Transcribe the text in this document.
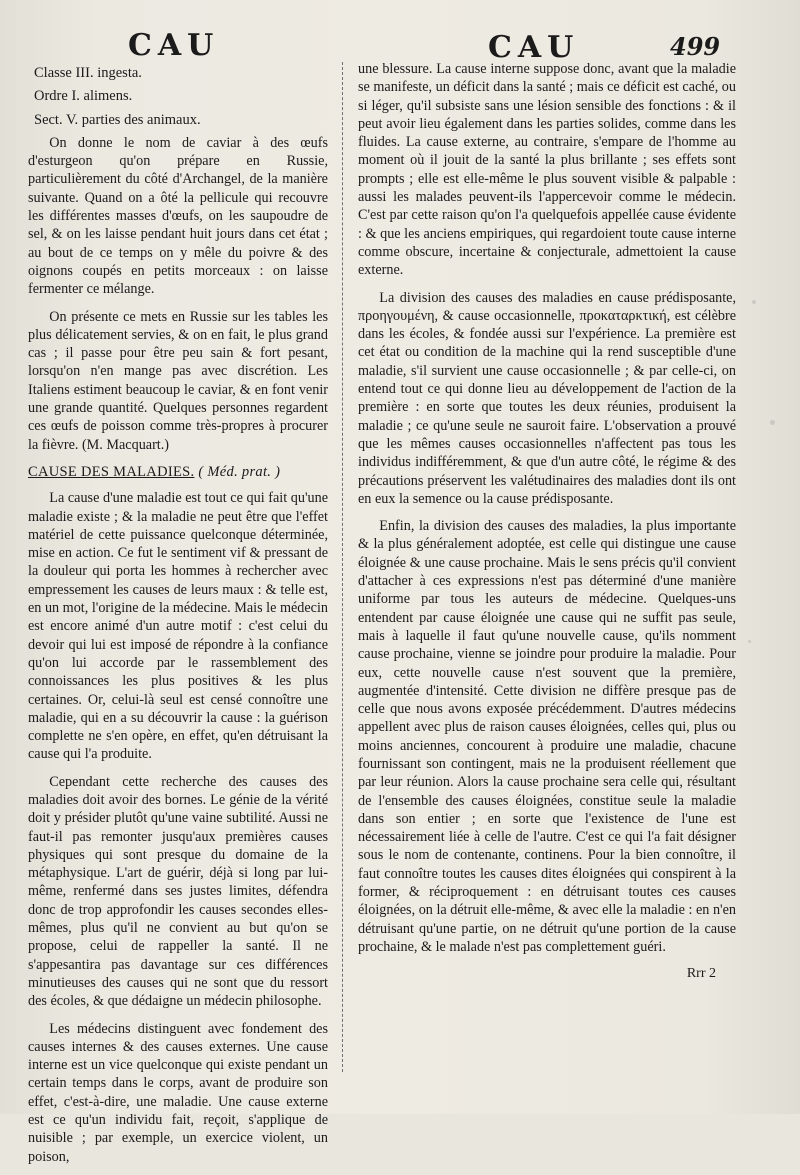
CAU	CAU	499
Classe III. ingesta.
Ordre I. alimens.
Sect. V. parties des animaux.

On donne le nom de caviar à des œufs d'esturgeon qu'on prépare en Russie, particulièrement du côté d'Archangel, de la manière suivante. Quand on a ôté la pellicule qui recouvre les différentes masses d'œufs, on les saupoudre de sel, & on les laisse pendant huit jours dans cet état ; au bout de ce temps on y mêle du poivre & des oignons coupés en petits morceaux : on laisse fermenter ce mélange.

On présente ce mets en Russie sur les tables les plus délicatement servies, & on en fait, le plus grand cas ; il passe pour être peu sain & fort pesant, lorsqu'on n'en mange pas avec discrétion. Les Italiens estiment beaucoup le caviar, & en font venir une grande quantité. Quelques personnes regardent ces œufs de poisson comme très-propres à procurer la fièvre. (M. Macquart.)

CAUSE DES MALADIES. ( Méd. prat. )

La cause d'une maladie est tout ce qui fait qu'une maladie existe ; & la maladie ne peut être que l'effet matériel de cette puissance quelconque déterminée, mise en action. Ce fut le sentiment vif & pressant de la douleur qui porta les hommes à rechercher avec empressement les causes de leurs maux : & telle est, en un mot, l'origine de la médecine. Mais le médecin est encore animé d'un autre motif : c'est celui du devoir qui lui est imposé de répondre à la confiance qu'on lui accorde par le rassemblement des connoissances les plus positives & les plus certaines. Or, celui-là seul est censé connoître une maladie, qui en a su découvrir la cause : la guérison complette ne s'en opère, en effet, qu'en détruisant la cause qui l'a produite.

Cependant cette recherche des causes des maladies doit avoir des bornes. Le génie de la vérité doit y présider plutôt qu'une vaine subtilité. Aussi ne faut-il pas remonter jusqu'aux premières causes physiques qui sont presque du domaine de la métaphysique. L'art de guérir, déjà si long par lui-même, renfermé dans ses justes limites, défendra donc de trop approfondir les causes secondes elles-mêmes, plus qu'il ne convient au but qu'on se propose, celui de rappeller la santé. Il ne s'appesantira pas davantage sur ces différences minutieuses des causes qui ne sont que du ressort des écoles, & que dédaigne un médecin philosophe.

Les médecins distinguent avec fondement des causes internes & des causes externes. Une cause interne est un vice quelconque qui existe pendant un certain temps dans le corps, avant de produire son effet, c'est-à-dire, une maladie. Une cause externe est ce qu'un individu fait, reçoit, s'applique de nuisible ; par exemple, un exercice violent, un poison,

une blessure. La cause interne suppose donc, avant que la maladie se manifeste, un déficit dans la santé ; mais ce déficit est caché, ou si léger, qu'il subsiste sans une lésion sensible des fonctions : & il peut avoir lieu également dans les parties solides, comme dans les fluides. La cause externe, au contraire, s'empare de l'homme au moment où il jouit de la santé la plus brillante ; ses effets sont prompts ; elle est elle-même le plus souvent visible & palpable : aussi les malades peuvent-ils l'appercevoir comme le médecin. C'est par cette raison qu'on l'a quelquefois appellée cause évidente : & que les anciens empiriques, qui regardoient toute cause interne comme obscure, incertaine & conjecturale, admettoient la cause externe.

La division des causes des maladies en cause prédisposante, προηγουμένη, & cause occasionnelle, προκαταρκτική, est célèbre dans les écoles, & fondée aussi sur l'expérience. La première est cet état ou condition de la machine qui la rend susceptible d'une maladie, s'il survient une cause occasionnelle ; & par celle-ci, on entend tout ce qui donne lieu au développement de l'action de la première : en sorte que toutes les deux réunies, produisent la maladie ; ce qu'une seule ne sauroit faire. L'observation a prouvé que les mêmes causes occasionnelles n'affectent pas tous les individus indifféremment, & que d'un autre côté, le régime & des précautions préservent les valétudinaires des maladies dont ils ont en eux la semence ou la cause prédisposante.

Enfin, la division des causes des maladies, la plus importante & la plus généralement adoptée, est celle qui distingue une cause éloignée & une cause prochaine. Mais le sens précis qu'il convient d'attacher à ces expressions n'est pas déterminé d'une manière uniforme par tous les auteurs de médecine. Quelques-uns entendent par cause éloignée une cause qui ne suffit pas seule, mais à laquelle il faut qu'une nouvelle cause, qu'ils nomment cause prochaine, vienne se joindre pour produire la maladie. Pour eux, cette nouvelle cause n'est souvent que la première, augmentée d'intensité. Cette division ne diffère presque pas de celle que nous avons exposée précédemment. D'autres médecins appellent avec plus de raison causes éloignées, celles qui, plus ou moins anciennes, concourent à produire une maladie, chacune fournissant son contingent, mais ne la produisent réellement que par leur réunion. Alors la cause prochaine sera celle qui, résultant de l'ensemble des causes éloignées, constitue seule la maladie dans son entier ; en sorte que l'existence de l'une est nécessairement liée à celle de l'autre. C'est ce qui l'a fait désigner sous le nom de contenante, continens. Pour la bien connoître, il faut connoître toutes les causes dites éloignées qui conspirent à la former, & réciproquement : en détruisant toutes ces causes éloignées, on la détruit elle-même, & avec elle la maladie : en n'en détruisant qu'une partie, on ne détruit qu'une portion de la cause prochaine, & le malade n'est pas complettement guéri.

Rrr 2
